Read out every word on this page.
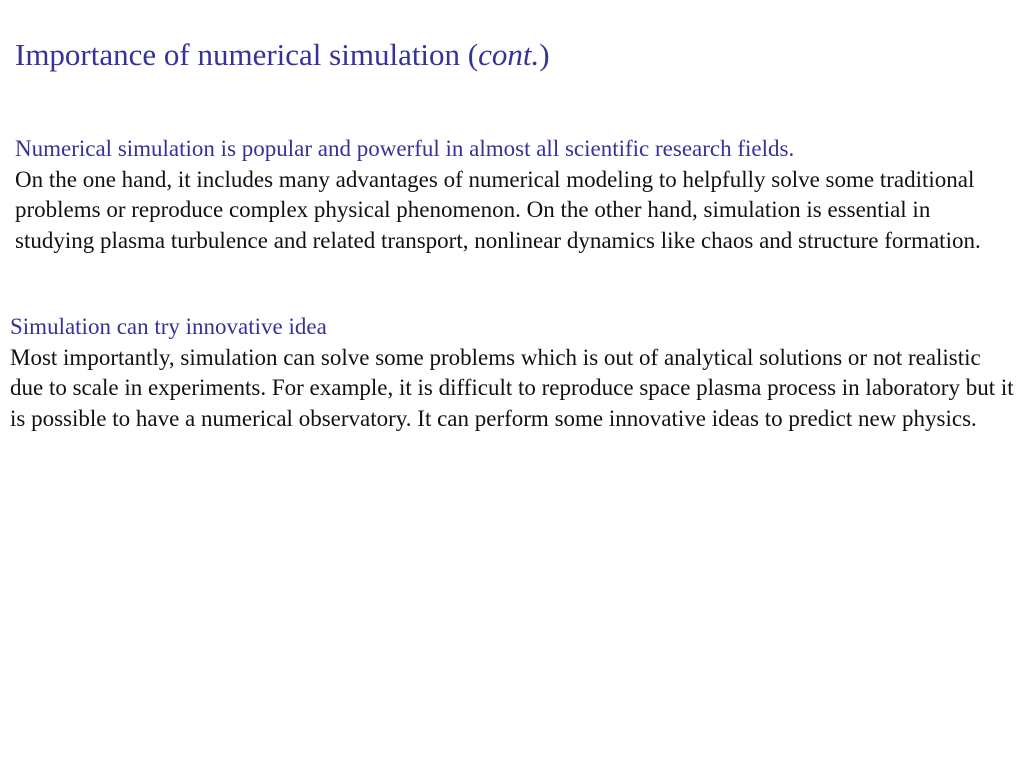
Importance of numerical simulation (cont.)

Numerical simulation is popular and powerful in almost all scientific research fields.

On the one hand, it includes many advantages of numerical modeling to helpfully solve some traditional problems or reproduce complex physical phenomenon. On the other hand, simulation is essential in studying plasma turbulence and related transport, nonlinear dynamics like chaos and structure formation.

Simulation can try innovative idea

Most importantly, simulation can solve some problems which is out of analytical solutions or not realistic due to scale in experiments. For example, it is difficult to reproduce space plasma process in laboratory but it is possible to have a numerical observatory. It can perform some innovative ideas to predict new physics.
